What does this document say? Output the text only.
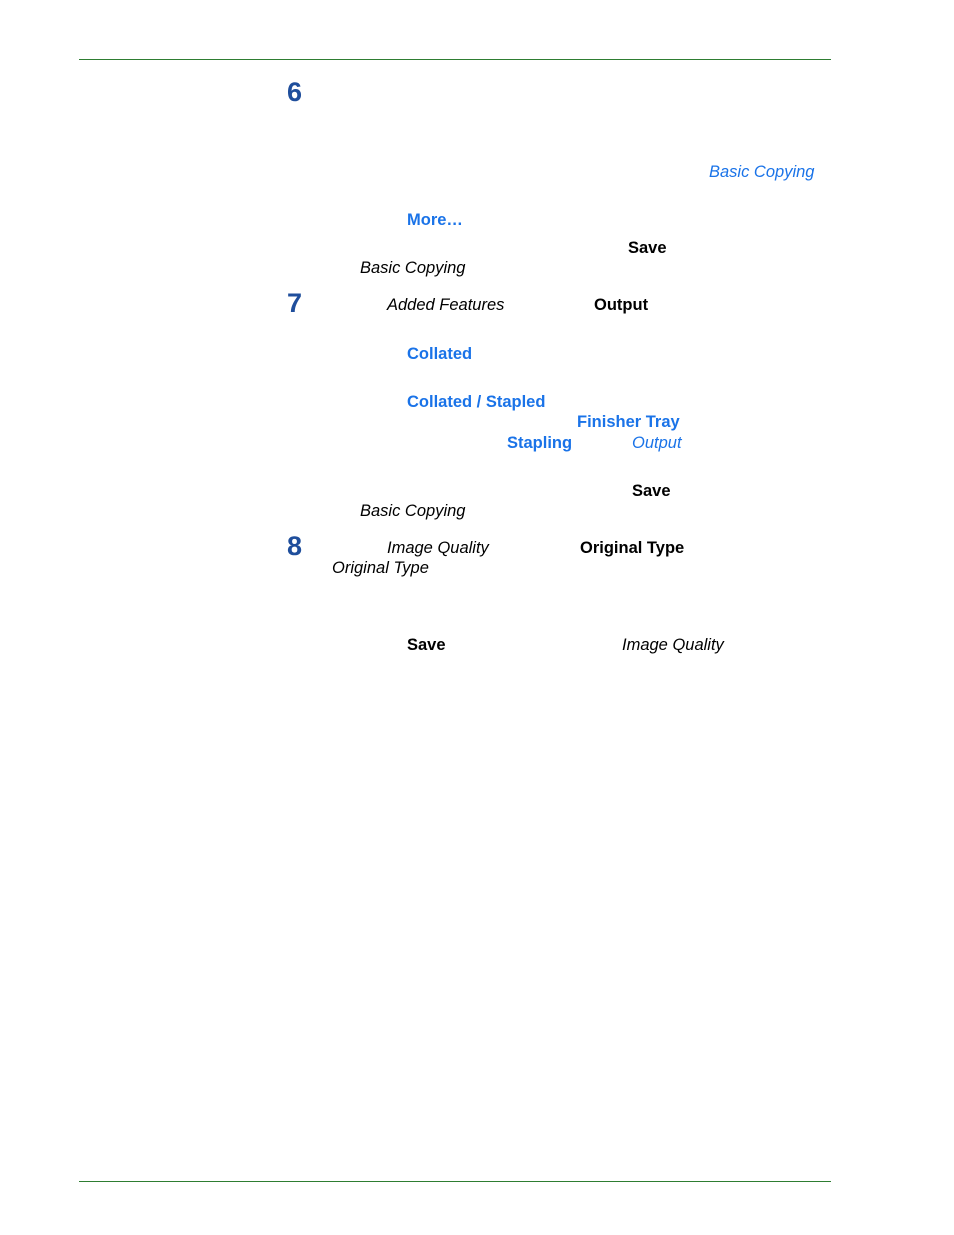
6
Basic Copying
More…
Save
Basic Copying
7	Added Features	Output
Collated
Collated / Stapled
Finisher Tray
Stapling	Output
Save
Basic Copying
8	Image Quality	Original Type
Original Type
Save	Image Quality
